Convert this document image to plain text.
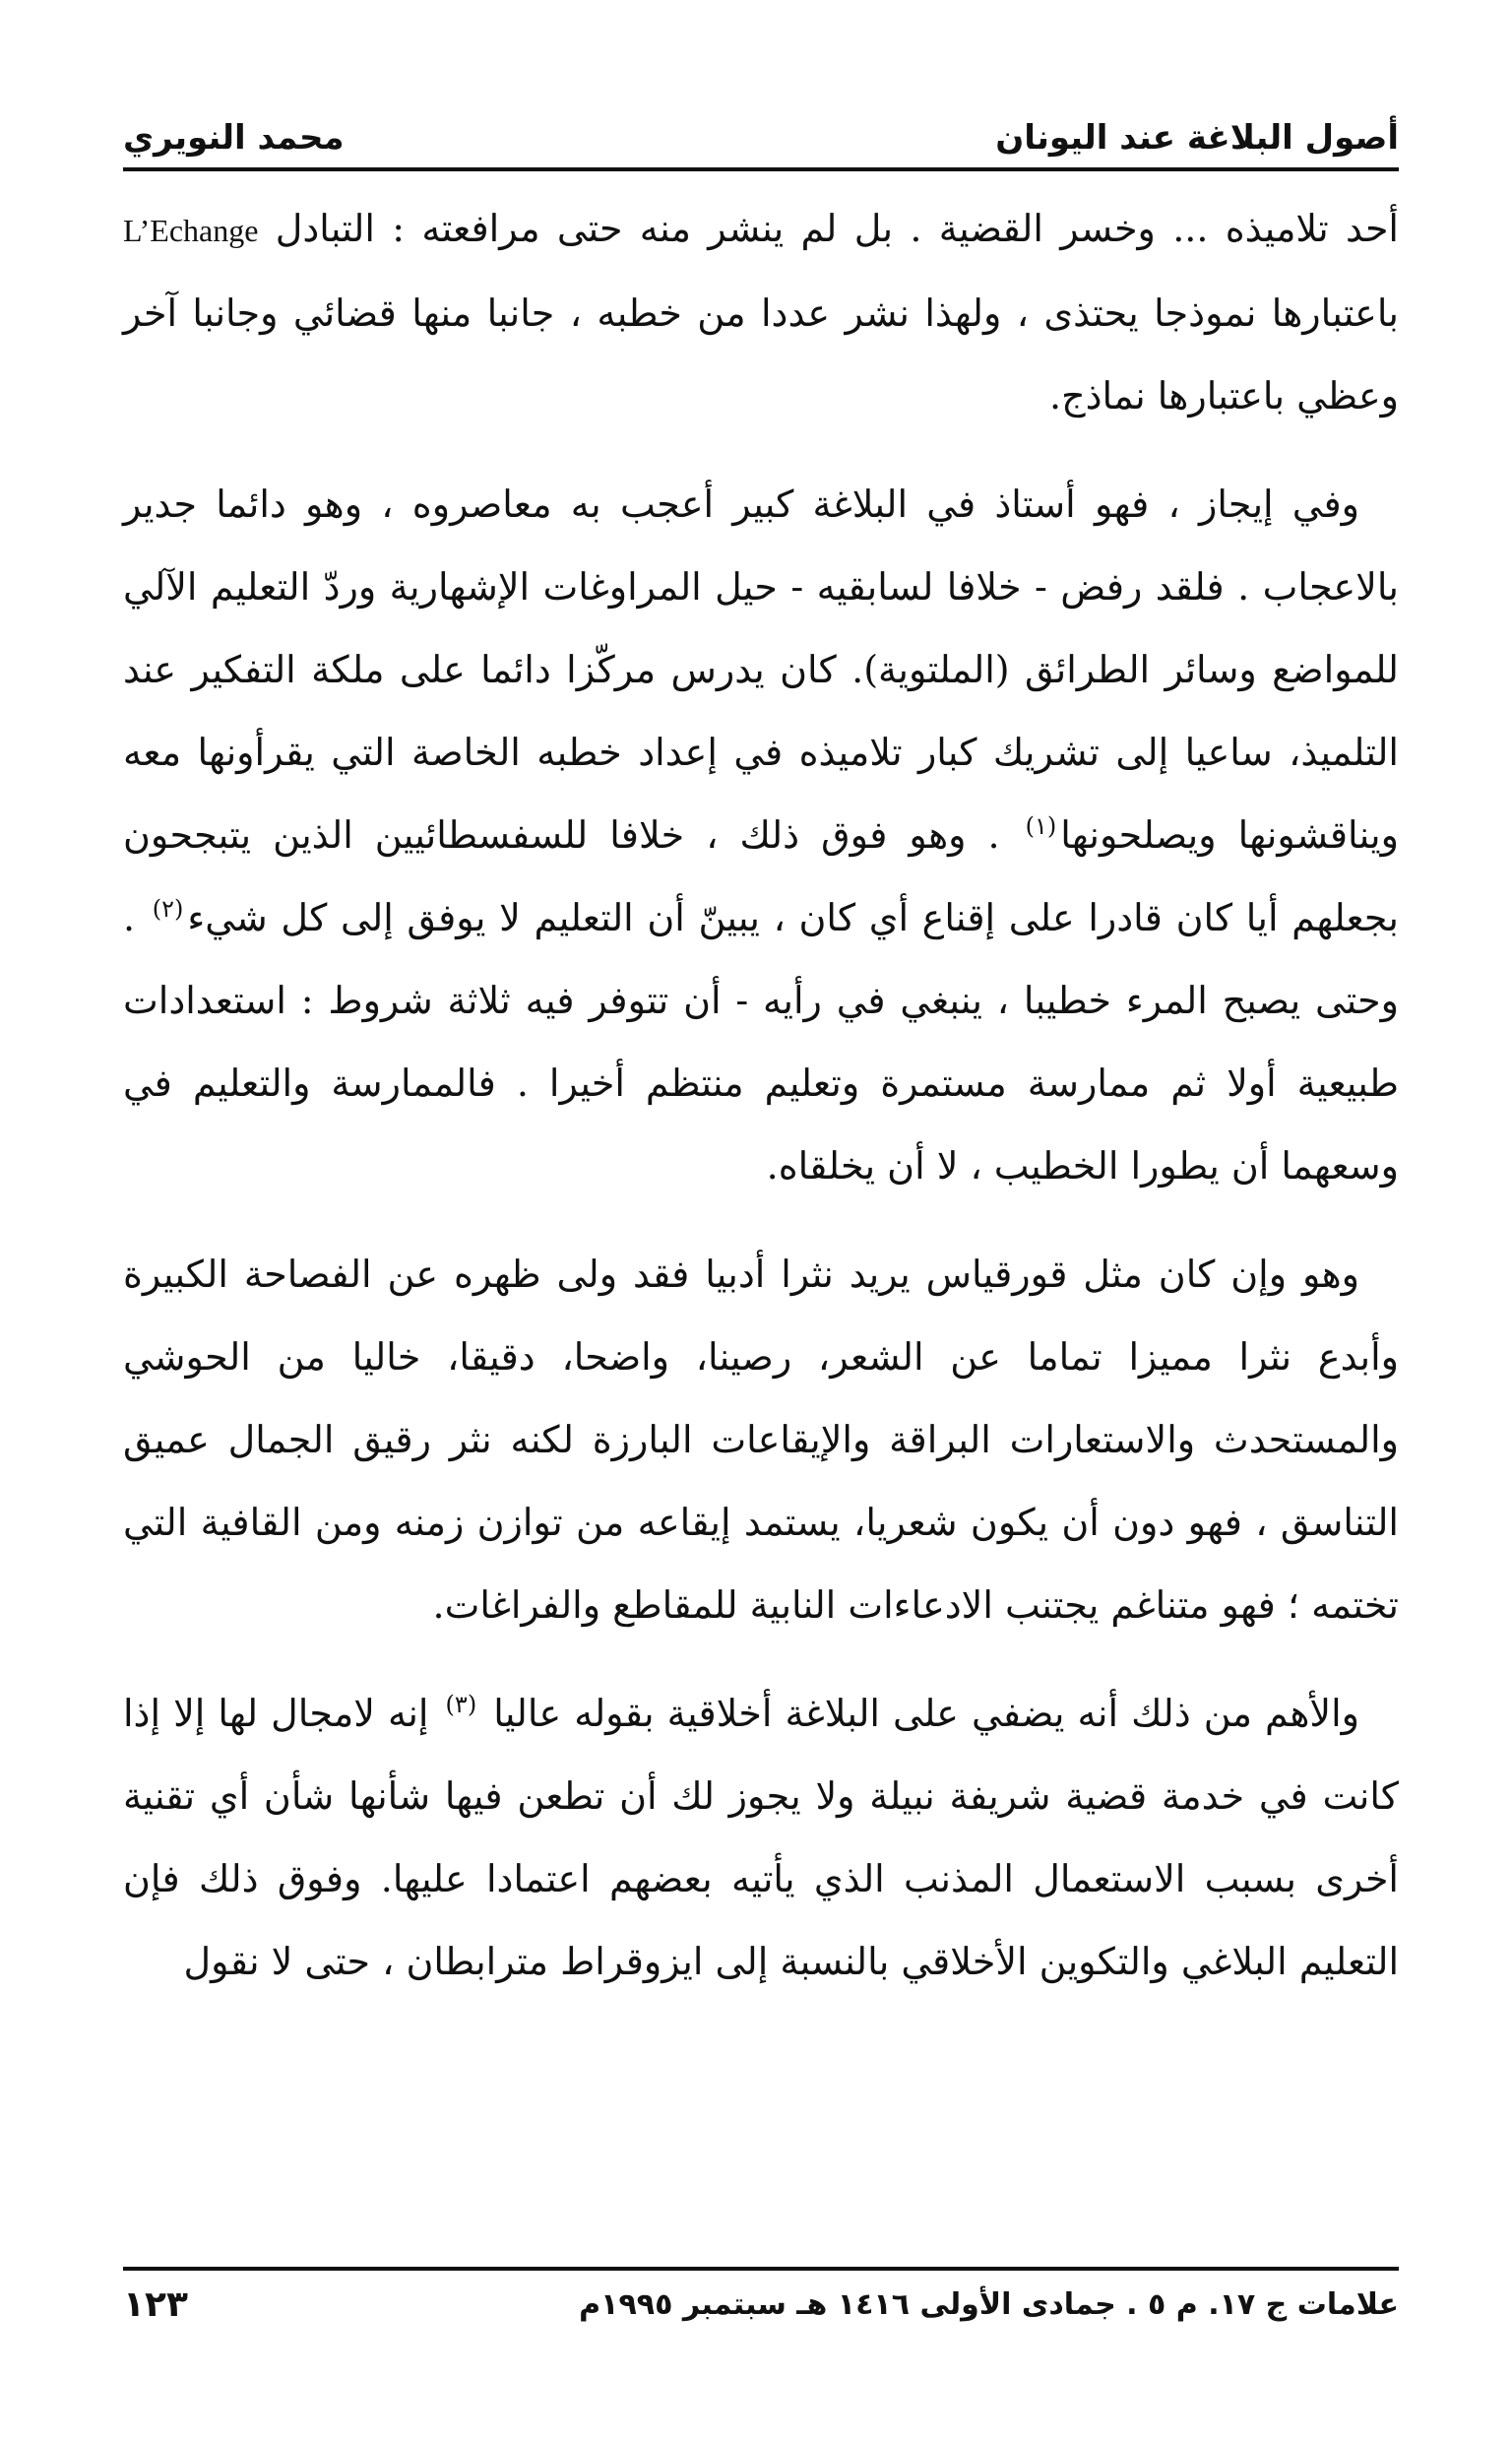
أصول البلاغة عند اليونان
محمد النويري

أحد تلاميذه ... وخسر القضية . بل لم ينشر منه حتى مرافعته : التبادل L’Echange باعتبارها نموذجا يحتذى ، ولهذا نشر عددا من خطبه ، جانبا منها قضائي وجانبا آخر وعظي باعتبارها نماذج.

وفي إيجاز ، فهو أستاذ في البلاغة كبير أعجب به معاصروه ، وهو دائما جدير بالاعجاب . فلقد رفض - خلافا لسابقيه - حيل المراوغات الإشهارية وردّ التعليم الآلي للمواضع وسائر الطرائق (الملتوية). كان يدرس مركّزا دائما على ملكة التفكير عند التلميذ، ساعيا إلى تشريك كبار تلاميذه في إعداد خطبه الخاصة التي يقرأونها معه ويناقشونها ويصلحونها$^{(١)}$ . وهو فوق ذلك ، خلافا للسفسطائيين الذين يتبجحون بجعلهم أيا كان قادرا على إقناع أي كان ، يبينّ أن التعليم لا يوفق إلى كل شيء$^{(٢)}$ . وحتى يصبح المرء خطيبا ، ينبغي في رأيه - أن تتوفر فيه ثلاثة شروط : استعدادات طبيعية أولا ثم ممارسة مستمرة وتعليم منتظم أخيرا . فالممارسة والتعليم في وسعهما أن يطورا الخطيب ، لا أن يخلقاه.

وهو وإن كان مثل قورقياس يريد نثرا أدبيا فقد ولى ظهره عن الفصاحة الكبيرة وأبدع نثرا مميزا تماما عن الشعر، رصينا، واضحا، دقيقا، خاليا من الحوشي والمستحدث والاستعارات البراقة والإيقاعات البارزة لكنه نثر رقيق الجمال عميق التناسق ، فهو دون أن يكون شعريا، يستمد إيقاعه من توازن زمنه ومن القافية التي تختمه ؛ فهو متناغم يجتنب الادعاءات النابية للمقاطع والفراغات.

والأهم من ذلك أنه يضفي على البلاغة أخلاقية بقوله عاليا $^{(٣)}$ إنه لامجال لها إلا إذا كانت في خدمة قضية شريفة نبيلة ولا يجوز لك أن تطعن فيها شأنها شأن أي تقنية أخرى بسبب الاستعمال المذنب الذي يأتيه بعضهم اعتمادا عليها. وفوق ذلك فإن التعليم البلاغي والتكوين الأخلاقي بالنسبة إلى ايزوقراط مترابطان ، حتى لا نقول

علامات ج ١٧. م ٥ . جمادى الأولى ١٤١٦ هـ سبتمبر ١٩٩٥م
١٢٣
